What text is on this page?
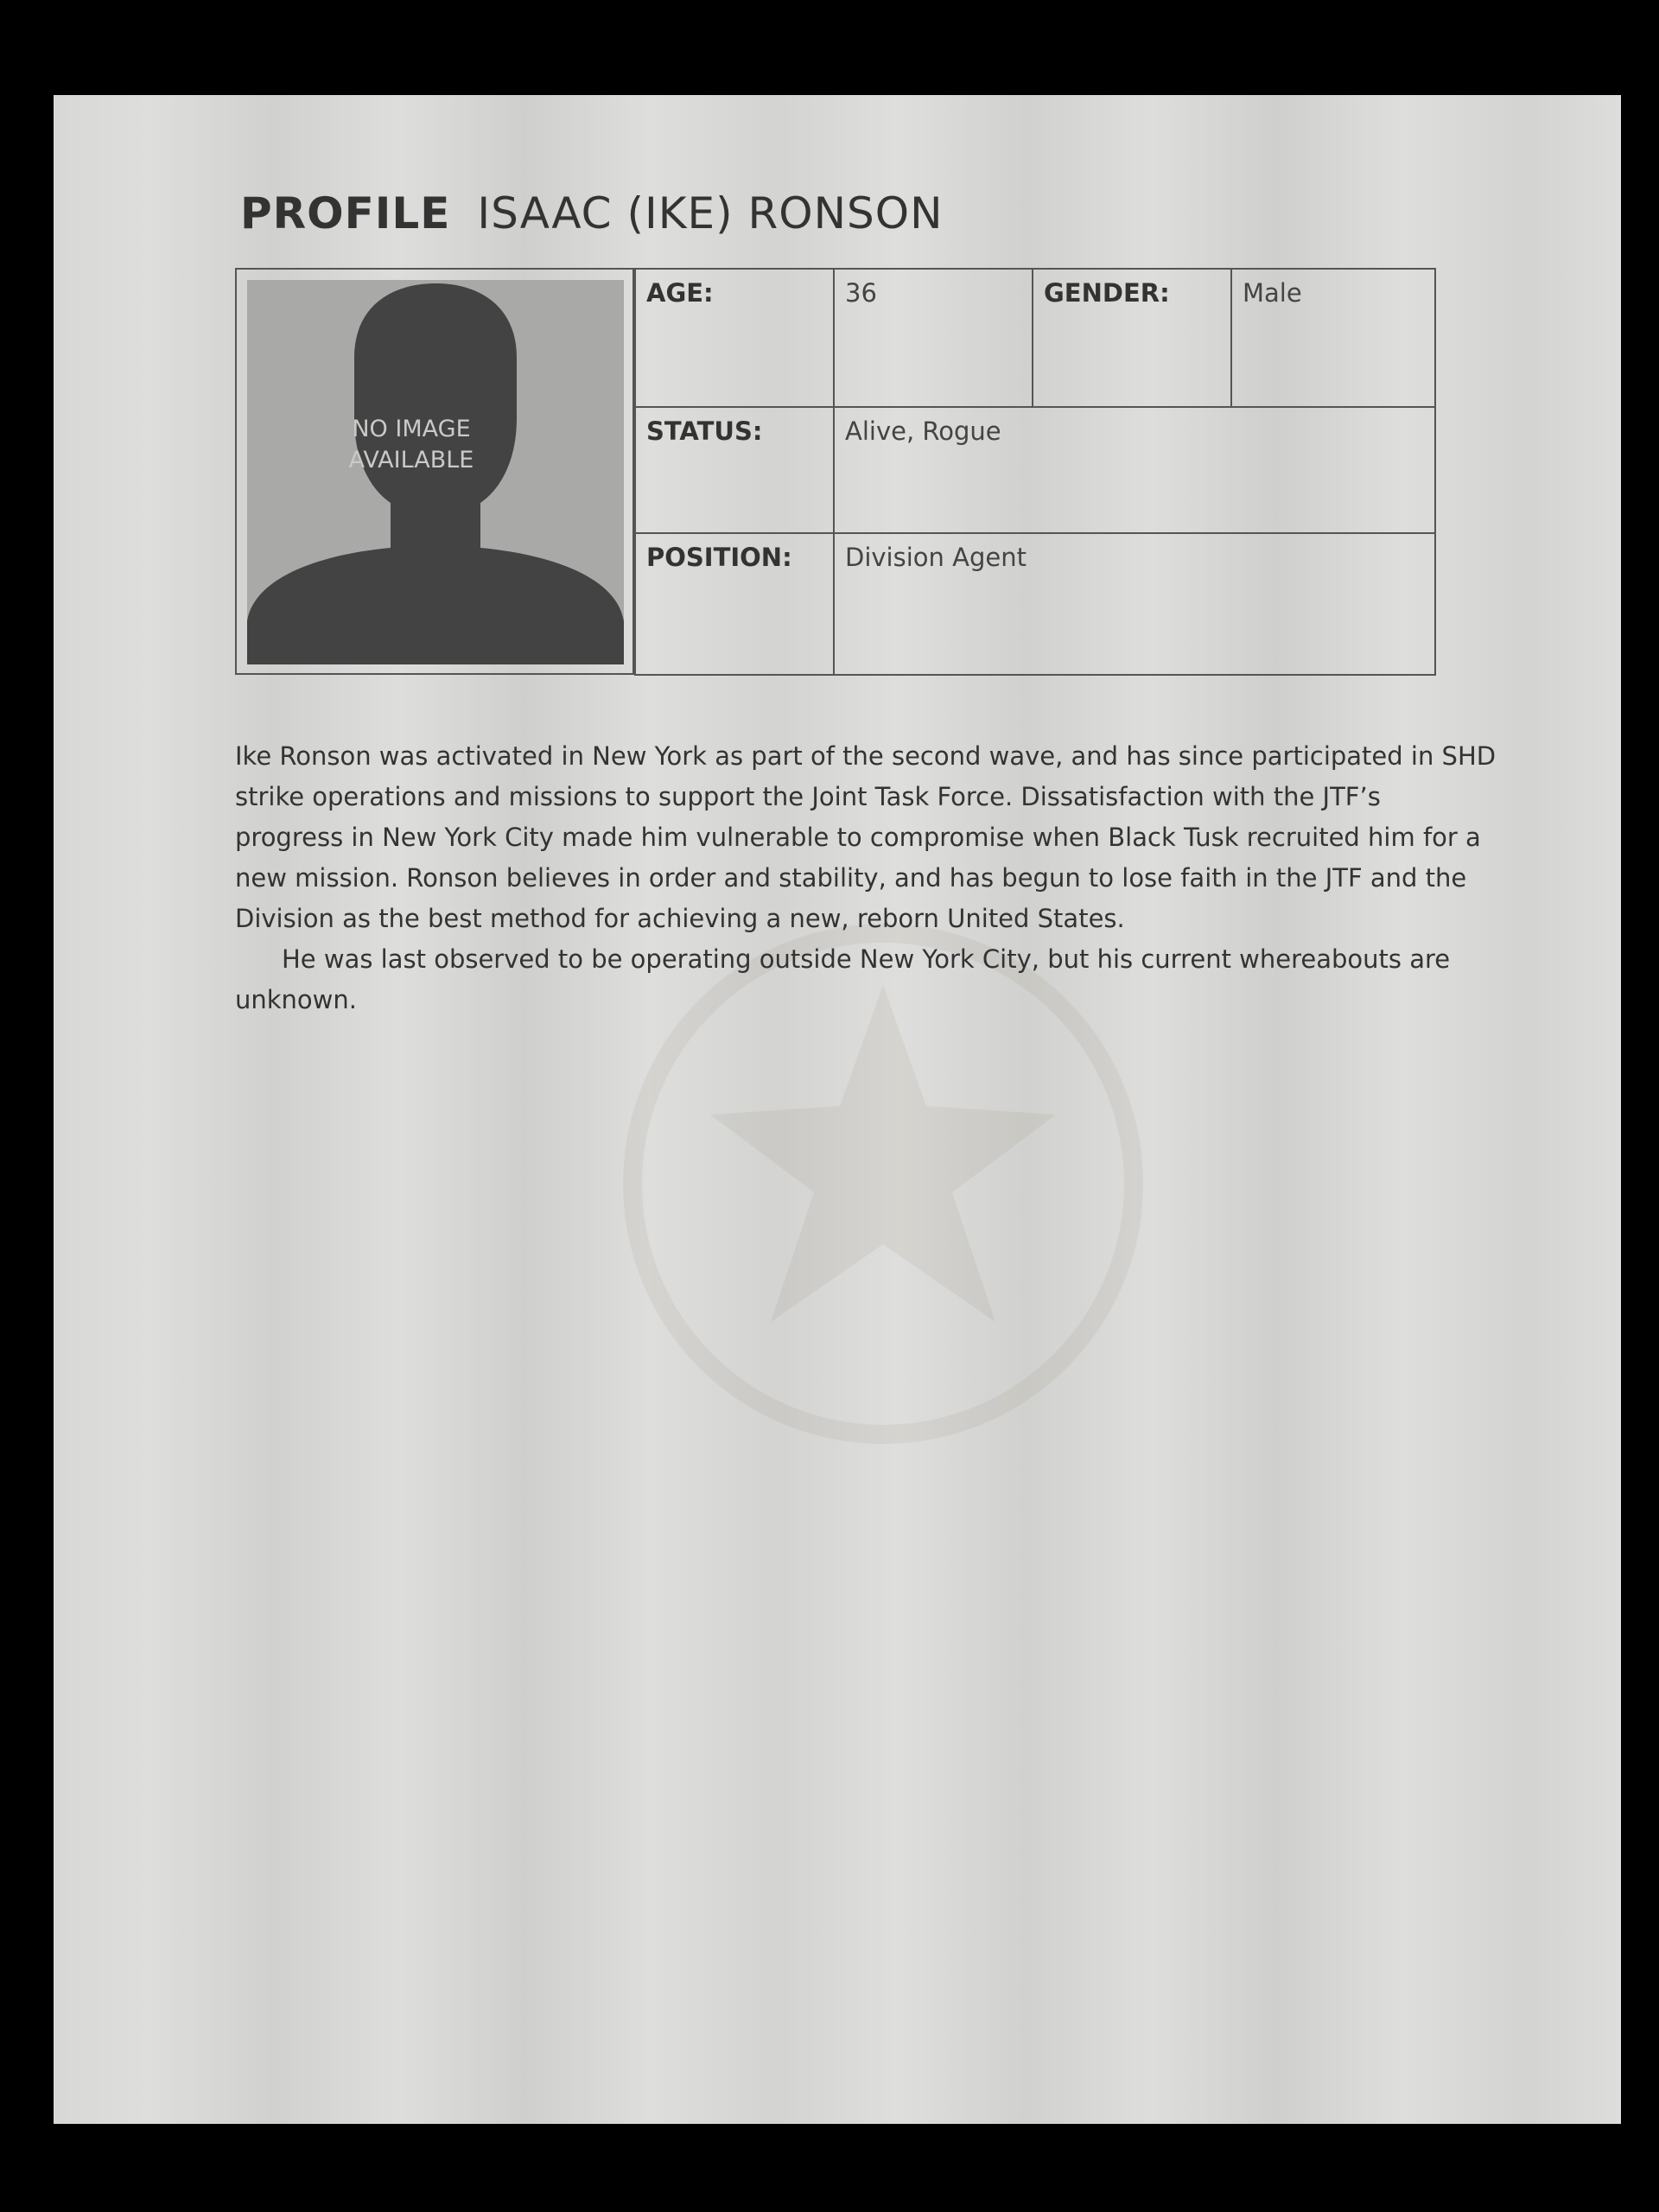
PROFILE ISAAC (IKE) RONSON
NO IMAGE AVAILABLE
AGE:	36	GENDER:	Male
STATUS:	Alive, Rogue
POSITION:	Division Agent

Ike Ronson was activated in New York as part of the second wave, and has since participated in SHD strike operations and missions to support the Joint Task Force. Dissatisfaction with the JTF’s progress in New York City made him vulnerable to compromise when Black Tusk recruited him for a new mission. Ronson believes in order and stability, and has begun to lose faith in the JTF and the Division as the best method for achieving a new, reborn United States.

He was last observed to be operating outside New York City, but his current whereabouts are unknown.
